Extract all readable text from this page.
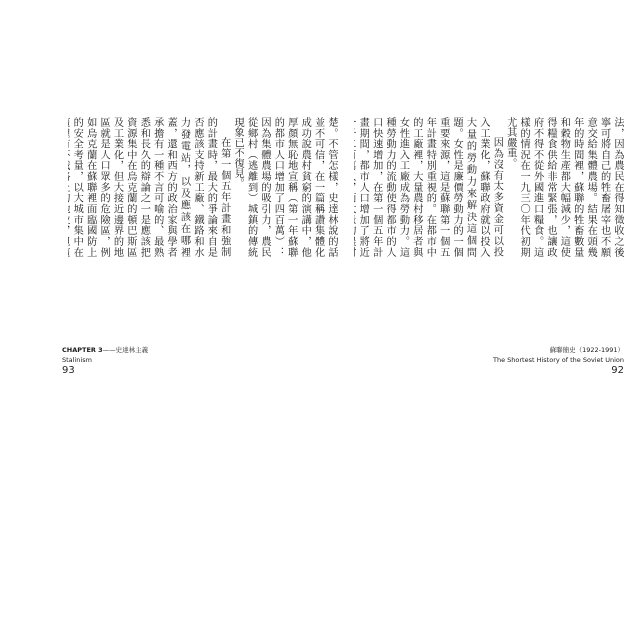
楚。不管怎樣，史達林說的話並不可信，在一篇稱讚集體化成功說農村貧窮的演講中，他厚顏無恥地宣稱（第一年蘇聯的都市人口增加了四百萬）：因為集體農場的吸引力，農民從鄉村（逃離到）城鎮的傳統現象已不復見。

在第一個五年計畫和強制的計畫時，最大的爭論來自是否應該支持新工廠、鐵路和水力發電站，以及應該在哪裡蓋，還和西方的政治家與學者承擔有一種不言可喻的、最熟悉和長久的辯論之一是應該把資源集中在烏克蘭的頓巴斯區及工業化，但大接近邊界的地區就是人口眾多的危險區，例如烏克蘭在蘇聯裡面臨國防上的安全考量，以大城市集中在

CHAPTER 3——史達林主義
Stalinism
93

法，因為農民在得知徵收之後寧可將自己的牲畜屠宰也不願意交給集體農場。結果在頭幾年的時間裡，蘇聯的牲畜數量和穀物生產都大幅減少，這使得糧食供給非常緊張，也讓政府不得不從外國進口糧食。這樣的情況在一九三〇年代初期尤其嚴重。

因為沒有太多資金可以投入工業化，蘇聯政府就以投入大量的勞動力來解決這個問題。女性是廉價勞動力的一個重要來源，這是蘇聯第一個五年計畫特別重視的。在都市中的工廠裡，大量農村移居者與女性進入工廠成為勞動力。這種勞動力的流動使得都市的人口快速增加，在第一個五年計畫期間，都市人口增加了將近

蘇聯簡史（1922-1991）
The Shortest History of the Soviet Union
92
